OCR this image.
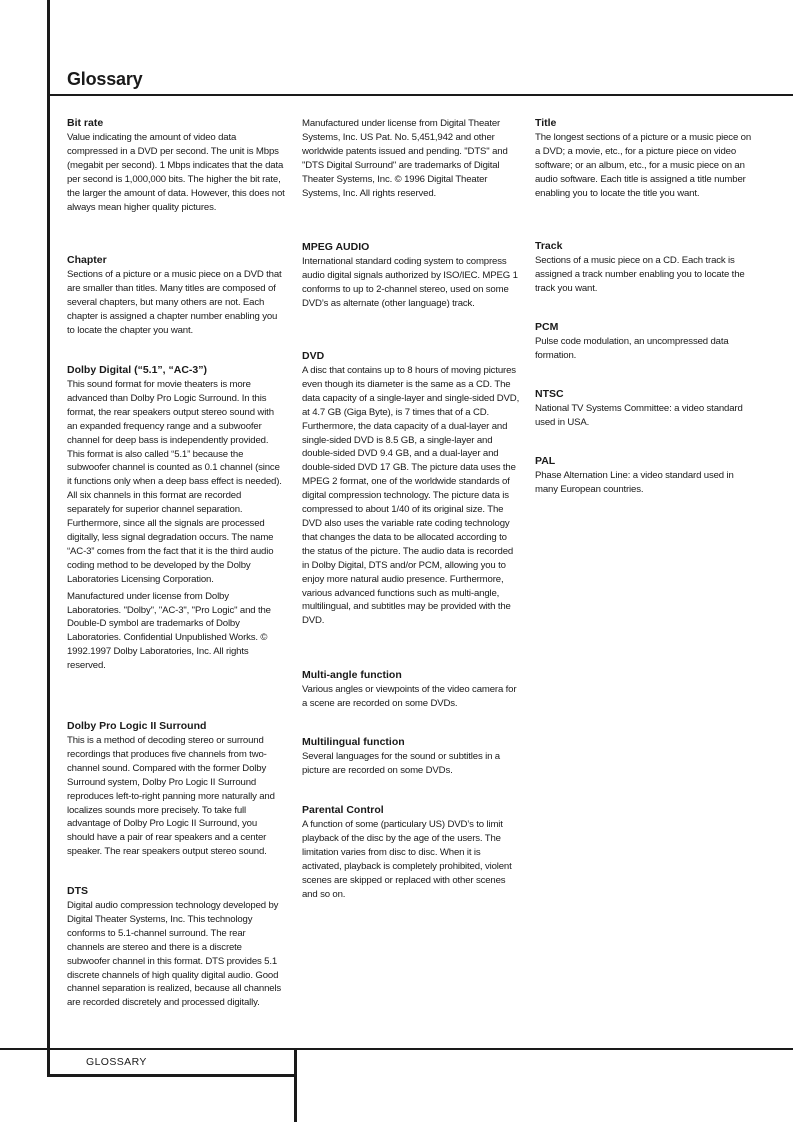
Glossary
Bit rate

Value indicating the amount of video data compressed in a DVD per second. The unit is Mbps (megabit per second). 1 Mbps indicates that the data per second is 1,000,000 bits. The higher the bit rate, the larger the amount of data. However, this does not always mean higher quality pictures.

Chapter

Sections of a picture or a music piece on a DVD that are smaller than titles. Many titles are composed of several chapters, but many others are not. Each chapter is assigned a chapter number enabling you to locate the chapter you want.

Dolby Digital (“5.1”, “AC-3”)

This sound format for movie theaters is more advanced than Dolby Pro Logic Surround. In this format, the rear speakers output stereo sound with an expanded frequency range and a subwoofer channel for deep bass is independently provided. This format is also called “5.1” because the subwoofer channel is counted as 0.1 channel (since it functions only when a deep bass effect is needed). All six channels in this format are recorded separately for superior channel separation. Furthermore, since all the signals are processed digitally, less signal degradation occurs. The name “AC-3” comes from the fact that it is the third audio coding method to be developed by the Dolby Laboratories Licensing Corporation.

Manufactured under license from Dolby Laboratories. "Dolby", "AC-3", "Pro Logic" and the Double-D symbol are trademarks of Dolby Laboratories. Confidential Unpublished Works. © 1992.1997 Dolby Laboratories, Inc. All rights reserved.

Dolby Pro Logic II Surround

This is a method of decoding stereo or surround recordings that produces five channels from two-channel sound. Compared with the former Dolby Surround system, Dolby Pro Logic II Surround reproduces left-to-right panning more naturally and localizes sounds more precisely. To take full advantage of Dolby Pro Logic II Surround, you should have a pair of rear speakers and a center speaker. The rear speakers output stereo sound.

DTS

Digital audio compression technology developed by Digital Theater Systems, Inc. This technology conforms to 5.1-channel surround. The rear channels are stereo and there is a discrete subwoofer channel in this format. DTS provides 5.1 discrete channels of high quality digital audio. Good channel separation is realized, because all channels are recorded discretely and processed digitally.

Manufactured under license from Digital Theater Systems, Inc. US Pat. No. 5,451,942 and other worldwide patents issued and pending. "DTS" and "DTS Digital Surround" are trademarks of Digital Theater Systems, Inc. © 1996 Digital Theater Systems, Inc. All rights reserved.

MPEG AUDIO

International standard coding system to compress audio digital signals authorized by ISO/IEC. MPEG 1 conforms to up to 2-channel stereo, used on some DVD’s as alternate (other language) track.

DVD

A disc that contains up to 8 hours of moving pictures even though its diameter is the same as a CD. The data capacity of a single-layer and single-sided DVD, at 4.7 GB (Giga Byte), is 7 times that of a CD. Furthermore, the data capacity of a dual-layer and single-sided DVD is 8.5 GB, a single-layer and double-sided DVD 9.4 GB, and a dual-layer and double-sided DVD 17 GB. The picture data uses the MPEG 2 format, one of the worldwide standards of digital compression technology. The picture data is compressed to about 1/40 of its original size. The DVD also uses the variable rate coding technology that changes the data to be allocated according to the status of the picture. The audio data is recorded in Dolby Digital, DTS and/or PCM, allowing you to enjoy more natural audio presence. Furthermore, various advanced functions such as multi-angle, multilingual, and subtitles may be provided with the DVD.

Multi-angle function

Various angles or viewpoints of the video camera for a scene are recorded on some DVDs.

Multilingual function

Several languages for the sound or subtitles in a picture are recorded on some DVDs.

Parental Control

A function of some (particulary US) DVD’s to limit playback of the disc by the age of the users. The limitation varies from disc to disc. When it is activated, playback is completely prohibited, violent scenes are skipped or replaced with other scenes and so on.

Title

The longest sections of a picture or a music piece on a DVD; a movie, etc., for a picture piece on video software; or an album, etc., for a music piece on an audio software. Each title is assigned a title number enabling you to locate the title you want.

Track

Sections of a music piece on a CD. Each track is assigned a track number enabling you to locate the track you want.

PCM

Pulse code modulation, an uncompressed data formation.

NTSC

National TV Systems Committee: a video standard used in USA.

PAL

Phase Alternation Line: a video standard used in many European countries.

GLOSSARY
